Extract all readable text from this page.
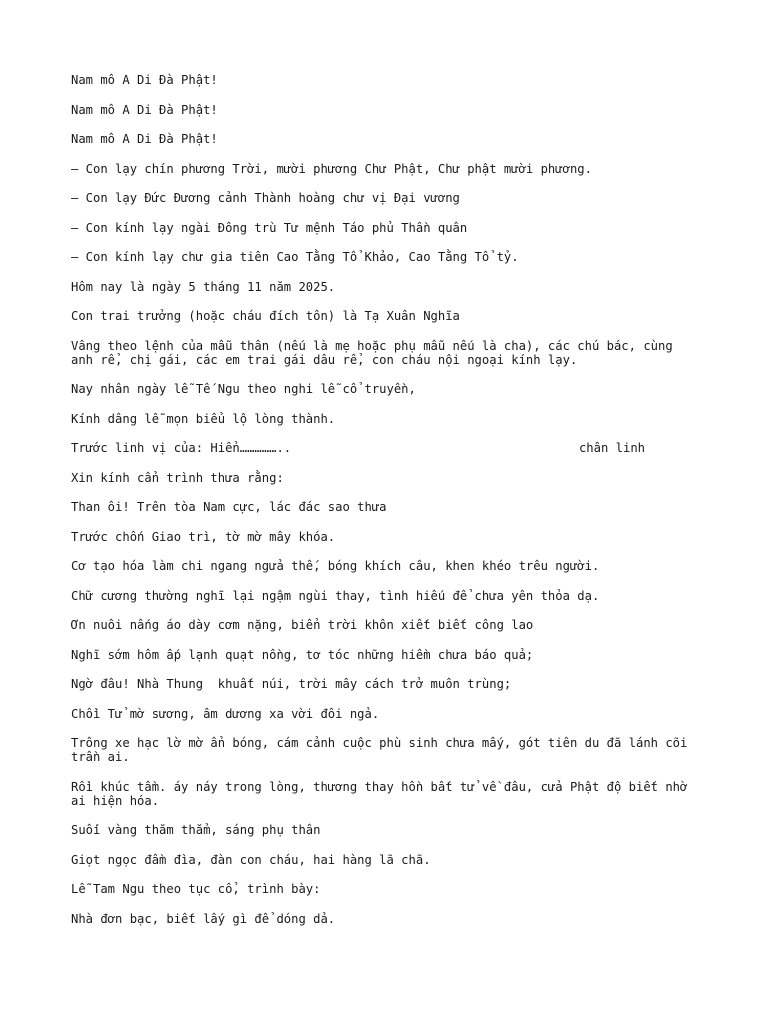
Nam mô A Di Đà Phật!

Nam mô A Di Đà Phật!

Nam mô A Di Đà Phật!

– Con lạy chín phương Trời, mười phương Chư Phật, Chư phật mười phương.

– Con lạy Đức Đương cảnh Thành hoàng chư vị Đại vương

– Con kính lạy ngài Đông trù Tư mệnh Táo phủ Thần quân

– Con kính lạy chư gia tiên Cao Tằng Tổ Khảo, Cao Tằng Tổ tỷ.

Hôm nay là ngày 5 tháng 11 năm 2025.

Con trai trưởng (hoặc cháu đích tôn) là Tạ Xuân Nghĩa

Vâng theo lệnh của mẫu thân (nếu là mẹ hoặc phụ mẫu nếu là cha), các chú bác, cùng anh rể, chị gái, các em trai gái dâu rể, con cháu nội ngoại kính lạy.

Nay nhân ngày lễ Tế Ngu theo nghi lễ cổ truyền,

Kính dâng lễ mọn biểu lộ lòng thành.

Trước linh vị của: Hiển……………..	chân linh

Xin kính cẩn trình thưa rằng:

Than ôi! Trên tòa Nam cực, lác đác sao thưa

Trước chốn Giao trì, tờ mờ mây khóa.

Cơ tạo hóa làm chi ngang ngửa thế, bóng khích câu, khen khéo trêu người.

Chữ cương thường nghĩ lại ngậm ngùi thay, tình hiếu để chưa yên thỏa dạ.

Ơn nuôi nấng áo dày cơm nặng, biển trời khôn xiết biết công lao

Nghĩ sớm hôm ấp lạnh quạt nồng, tơ tóc những hiềm chưa báo quả;

Ngờ đâu! Nhà Thung  khuất núi, trời mây cách trở muôn trùng;

Chồi Tử mờ sương, âm dương xa vời đôi ngả.

Trông xe hạc lờ mờ ẩn bóng, cám cảnh cuộc phù sinh chưa mấy, gót tiên du đã lánh cõi trần ai.

Rồi khúc tầm. áy náy trong lòng, thương thay hồn bất tử về đâu, cửa Phật độ biết nhờ ai hiện hóa.

Suối vàng thăm thẳm, sáng phụ thân

Giọt ngọc đầm đìa, đàn con cháu, hai hàng lã chã.

Lễ Tam Ngu theo tục cổ, trình bày:

Nhà đơn bạc, biết lấy gì để dóng dả.
